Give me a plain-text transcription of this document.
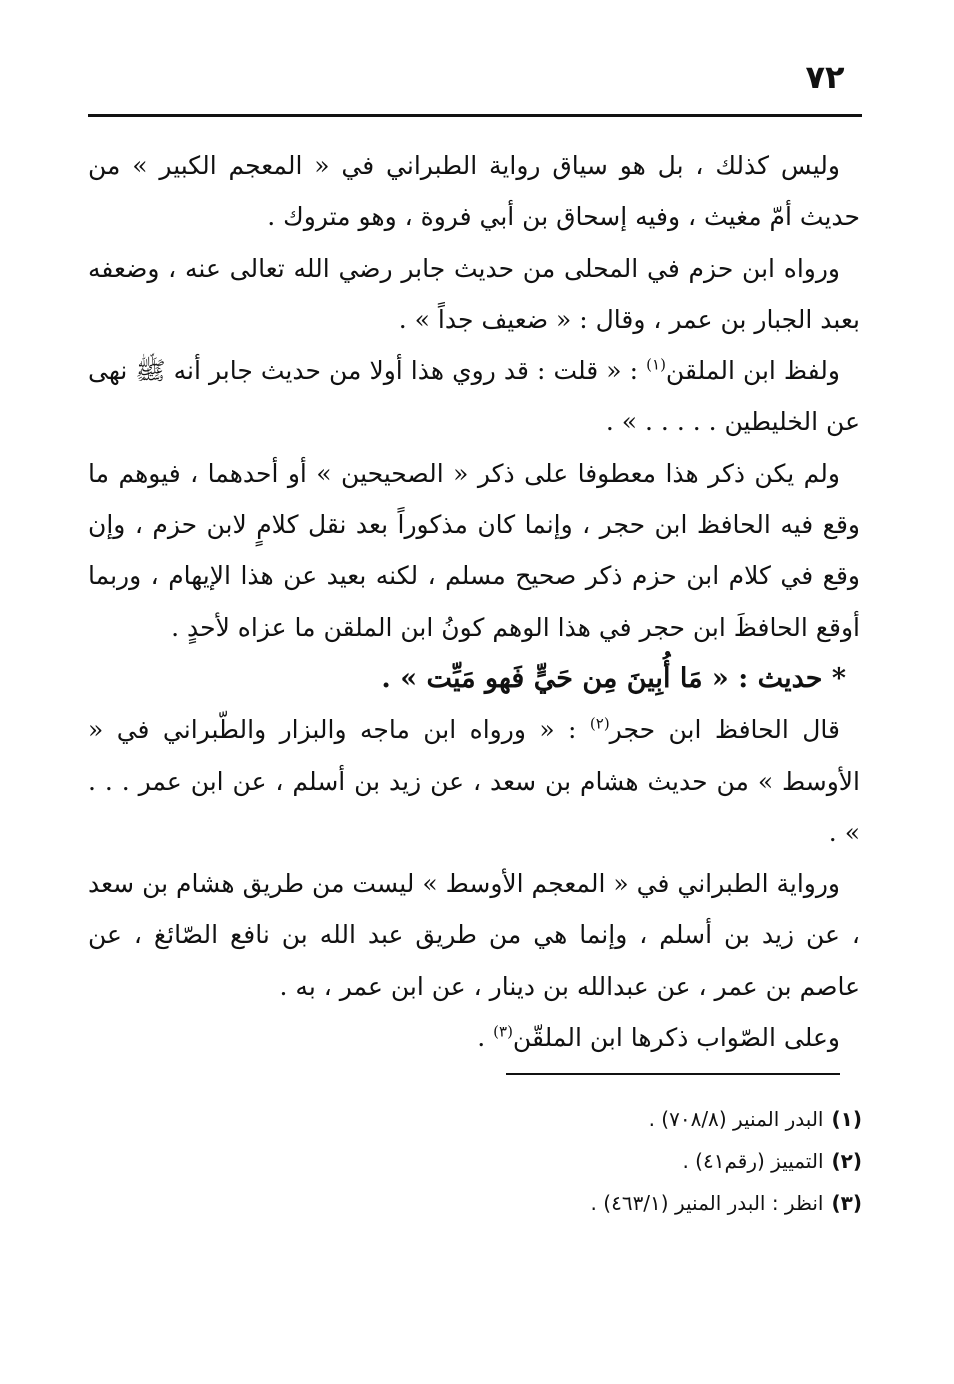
٧٢

وليس كذلك ، بل هو سياق رواية الطبراني في « المعجم الكبير » من حديث أمّ مغيث ، وفيه إسحاق بن أبي فروة ، وهو متروك .

ورواه ابن حزم في المحلى من حديث جابر رضي الله تعالى عنه ، وضعفه بعبد الجبار بن عمر ، وقال : « ضعيف جداً » .

ولفظ ابن الملقن$^{(١)}$ : « قلت : قد روي هذا أولا من حديث جابر أنه ﷺ نهى عن الخليطين . . . . . » .

ولم يكن ذكر هذا معطوفا على ذكر « الصحيحين » أو أحدهما ، فيوهم ما وقع فيه الحافظ ابن حجر ، وإنما كان مذكوراً بعد نقل كلامٍ لابن حزم ، وإن وقع في كلام ابن حزم ذكر صحيح مسلم ، لكنه بعيد عن هذا الإيهام ، وربما أوقع الحافظَ ابن حجر في هذا الوهم كونُ ابن الملقن ما عزاه لأحدٍ .

* حديث : « مَا أُبِينَ مِن حَيٍّ فَهو مَيِّت » .

قال الحافظ ابن حجر$^{(٢)}$ : « ورواه ابن ماجه والبزار والطّبراني في « الأوسط » من حديث هشام بن سعد ، عن زيد بن أسلم ، عن ابن عمر . . . » .

ورواية الطبراني في « المعجم الأوسط » ليست من طريق هشام بن سعد ، عن زيد بن أسلم ، وإنما هي من طريق عبد الله بن نافع الصّائغ ، عن عاصم بن عمر ، عن عبدالله بن دينار ، عن ابن عمر ، به .

وعلى الصّواب ذكرها ابن الملقّن$^{(٣)}$ .

(١)البدر المنير (٧٠٨/٨) .

(٢)التمييز (رقم٤١) .

(٣)انظر : البدر المنير (٤٦٣/١) .
